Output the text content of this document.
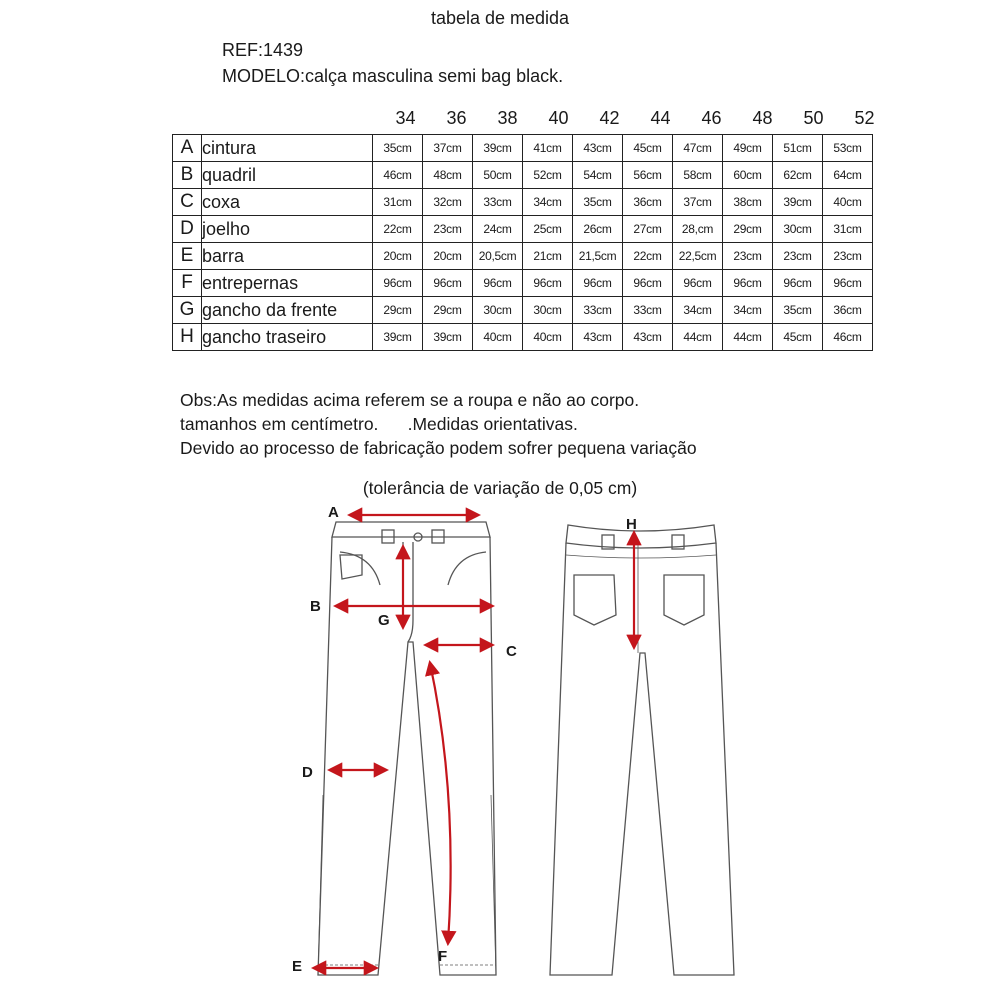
tabela de medida
REF:1439
MODELO:calça masculina semi bag black.
34	36	38	40	42	44	46	48	50	52
A	cintura	35cm	37cm	39cm	41cm	43cm	45cm	47cm	49cm	51cm	53cm
B	quadril	46cm	48cm	50cm	52cm	54cm	56cm	58cm	60cm	62cm	64cm
C	coxa	31cm	32cm	33cm	34cm	35cm	36cm	37cm	38cm	39cm	40cm
D	joelho	22cm	23cm	24cm	25cm	26cm	27cm	28,cm	29cm	30cm	31cm
E	barra	20cm	20cm	20,5cm	21cm	21,5cm	22cm	22,5cm	23cm	23cm	23cm
F	entrepernas	96cm	96cm	96cm	96cm	96cm	96cm	96cm	96cm	96cm	96cm
G	gancho da frente	29cm	29cm	30cm	30cm	33cm	33cm	34cm	34cm	35cm	36cm
H	gancho traseiro	39cm	39cm	40cm	40cm	43cm	43cm	44cm	44cm	45cm	46cm
Obs:As medidas acima referem se a roupa e não ao corpo.
tamanhos em centímetro.      .Medidas orientativas.
Devido ao processo de fabricação podem sofrer pequena variação
(tolerância de variação de 0,05 cm)
A
B
C
D
E
F
G
H
